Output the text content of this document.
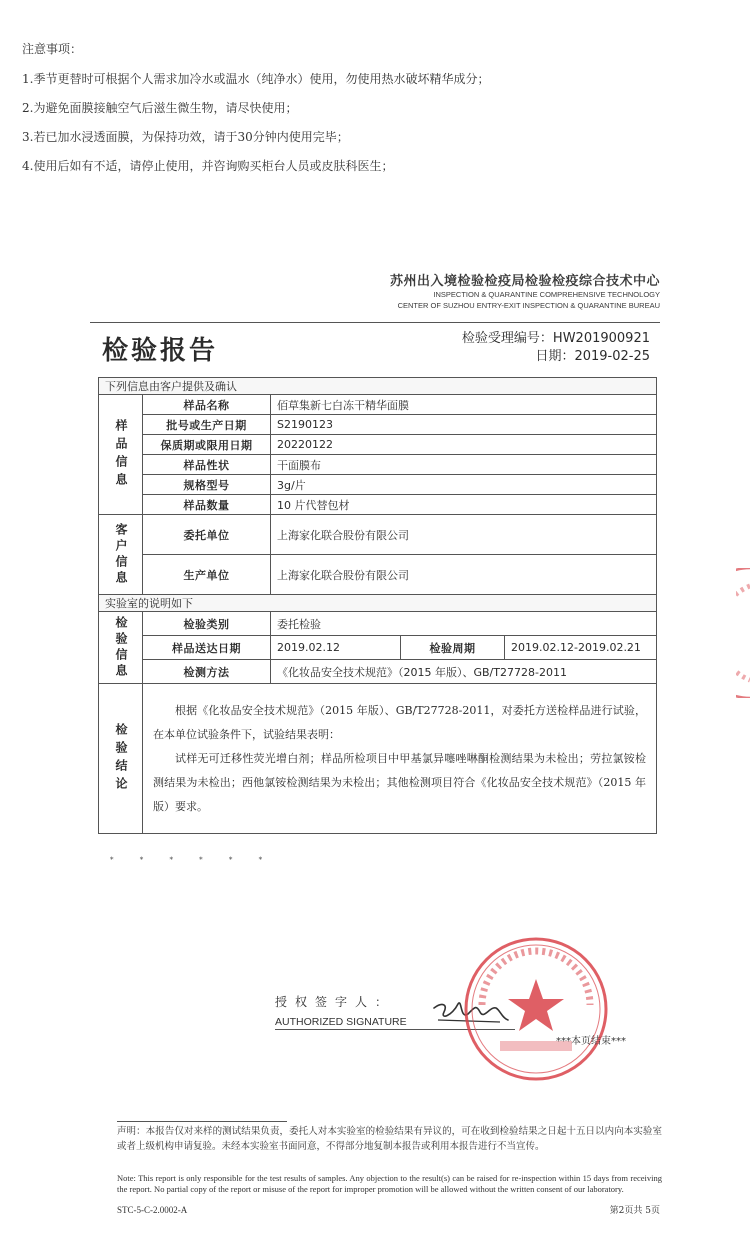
注意事项：
1.季节更替时可根据个人需求加冷水或温水（纯净水）使用，勿使用热水破坏精华成分；
2.为避免面膜接触空气后滋生微生物，请尽快使用；
3.若已加水浸透面膜，为保持功效，请于30分钟内使用完毕；
4.使用后如有不适，请停止使用，并咨询购买柜台人员或皮肤科医生；
苏州出入境检验检疫局检验检疫综合技术中心
INSPECTION & QUARANTINE COMPREHENSIVE TECHNOLOGY
CENTER OF SUZHOU ENTRY-EXIT INSPECTION & QUARANTINE BUREAU
检验报告	检验受理编号：HW201900921
日期：2019-02-25
下列信息由客户提供及确认				
样品信息	样品名称	佰草集新七白冻干精华面膜		
	批号或生产日期	S2190123		
	保质期或限用日期	20220122		
	样品性状	干面膜布		
	规格型号	3g/片		
	样品数量	10 片代替包材		
客户信息	委托单位	上海家化联合股份有限公司		
	生产单位	上海家化联合股份有限公司		
实验室的说明如下				
检验信息	检验类别	委托检验		
	样品送达日期	2019.02.12	检验周期	2019.02.12-2019.02.21
	检测方法	《化妆品安全技术规范》（2015 年版）、GB/T27728-2011		
检验结论	根据《化妆品安全技术规范》（2015 年版）、GB/T27728-2011，对委托方送检样品进行试验，在本单位试验条件下，试验结果表明：

试样无可迁移性荧光增白剂；样品所检项目中甲基氯异噻唑啉酮检测结果为未检出；劳拉氯铵检测结果为未检出；西他氯铵检测结果为未检出；其他检测项目符合《化妆品安全技术规范》（2015 年版）要求。			

* * * * * *
授权签字人：
AUTHORIZED SIGNATURE
***本页结束***
声明：本报告仅对来样的测试结果负责，委托人对本实验室的检验结果有异议的，可在收到检验结果之日起十五日以内向本实验室或者上级机构申请复验。未经本实验室书面同意，不得部分地复制本报告或利用本报告进行不当宣传。
Note: This report is only responsible for the test results of samples. Any objection to the result(s) can be raised for re-inspection within 15 days from receiving the report. No partial copy of the report or misuse of the report for improper promotion will be allowed without the written consent of our laboratory.
STC-5-C-2.0002-A	第2页共 5页
